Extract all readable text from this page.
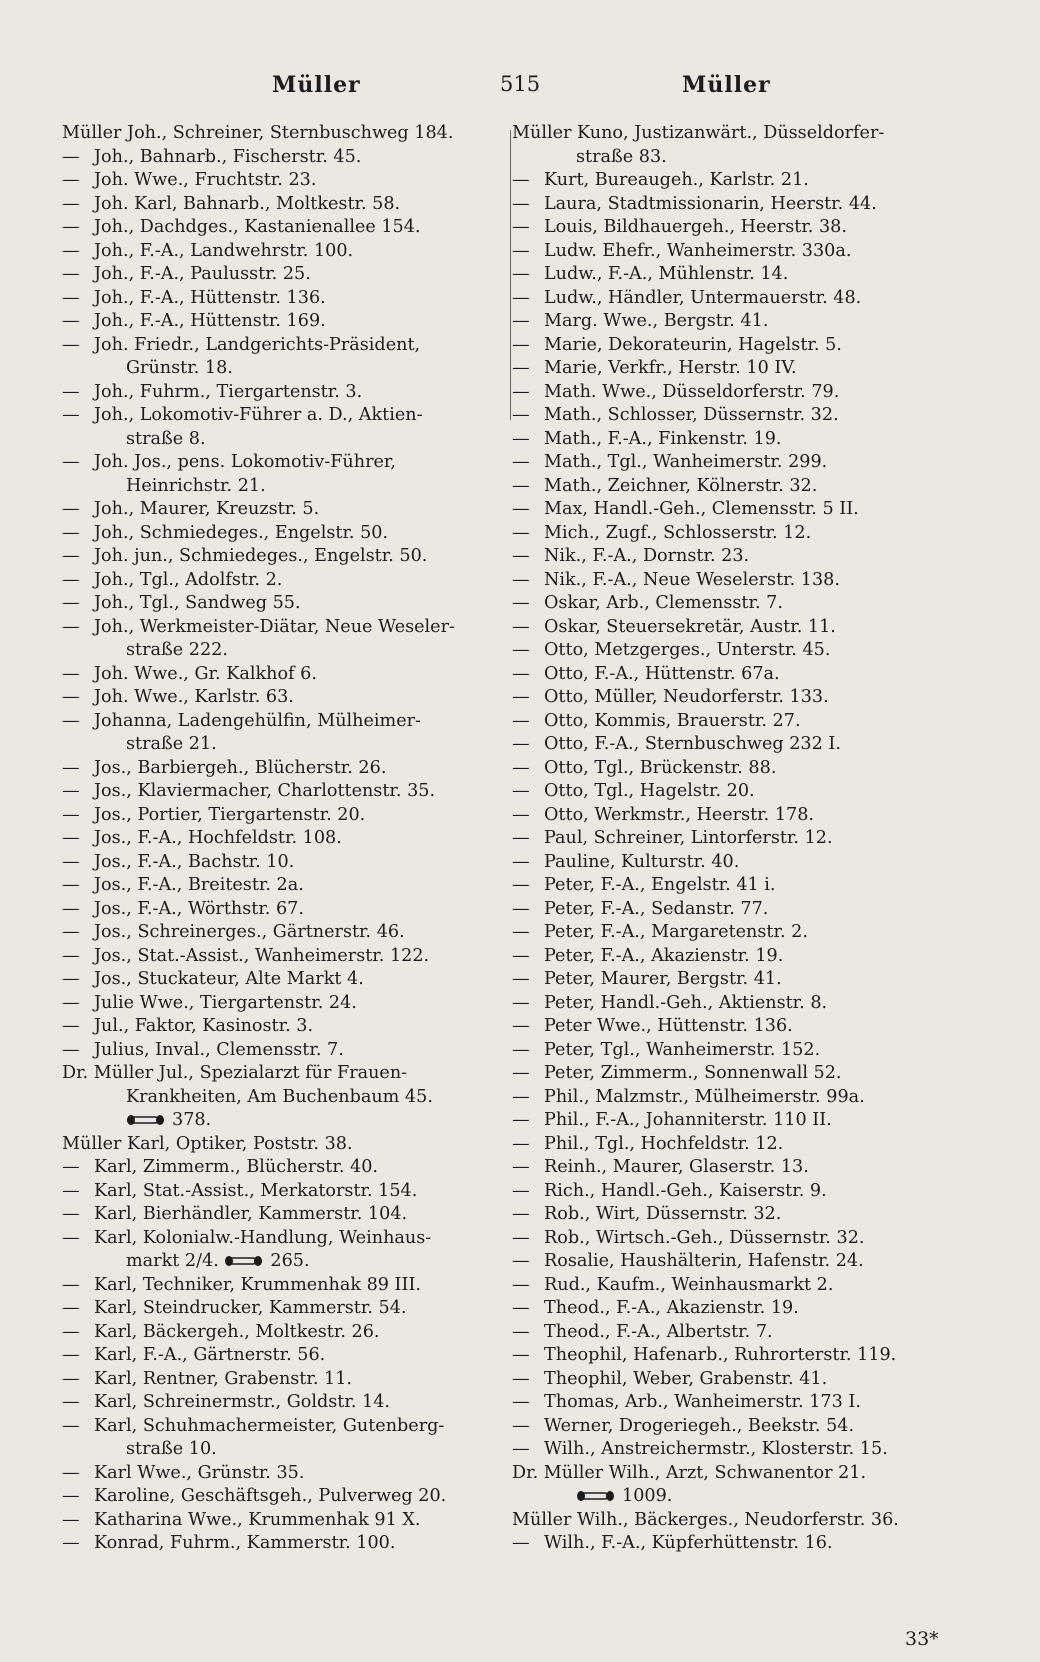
Müller	515	Müller
Müller Joh., Schreiner, Sternbuschweg 184.
— Joh., Bahnarb., Fischerstr. 45.
— Joh. Wwe., Fruchtstr. 23.
— Joh. Karl, Bahnarb., Moltkestr. 58.
— Joh., Dachdges., Kastanienallee 154.
— Joh., F.-A., Landwehrstr. 100.
— Joh., F.-A., Paulusstr. 25.
— Joh., F.-A., Hüttenstr. 136.
— Joh., F.-A., Hüttenstr. 169.
— Joh. Friedr., Landgerichts-Präsident,
Grünstr. 18.
— Joh., Fuhrm., Tiergartenstr. 3.
— Joh., Lokomotiv-Führer a. D., Aktien-
straße 8.
— Joh. Jos., pens. Lokomotiv-Führer,
Heinrichstr. 21.
— Joh., Maurer, Kreuzstr. 5.
— Joh., Schmiedeges., Engelstr. 50.
— Joh. jun., Schmiedeges., Engelstr. 50.
— Joh., Tgl., Adolfstr. 2.
— Joh., Tgl., Sandweg 55.
— Joh., Werkmeister-Diätar, Neue Weseler-
straße 222.
— Joh. Wwe., Gr. Kalkhof 6.
— Joh. Wwe., Karlstr. 63.
— Johanna, Ladengehülfin, Mülheimer-
straße 21.
— Jos., Barbiergeh., Blücherstr. 26.
— Jos., Klaviermacher, Charlottenstr. 35.
— Jos., Portier, Tiergartenstr. 20.
— Jos., F.-A., Hochfeldstr. 108.
— Jos., F.-A., Bachstr. 10.
— Jos., F.-A., Breitestr. 2a.
— Jos., F.-A., Wörthstr. 67.
— Jos., Schreinerges., Gärtnerstr. 46.
— Jos., Stat.-Assist., Wanheimerstr. 122.
— Jos., Stuckateur, Alte Markt 4.
— Julie Wwe., Tiergartenstr. 24.
— Jul., Faktor, Kasinostr. 3.
— Julius, Inval., Clemensstr. 7.
Dr. Müller Jul., Spezialarzt für Frauen-
Krankheiten, Am Buchenbaum 45.
378.
Müller Karl, Optiker, Poststr. 38.
— Karl, Zimmerm., Blücherstr. 40.
— Karl, Stat.-Assist., Merkatorstr. 154.
— Karl, Bierhändler, Kammerstr. 104.
— Karl, Kolonialw.-Handlung, Weinhaus-
markt 2/4.	265.
— Karl, Techniker, Krummenhak 89 III.
— Karl, Steindrucker, Kammerstr. 54.
— Karl, Bäckergeh., Moltkestr. 26.
— Karl, F.-A., Gärtnerstr. 56.
— Karl, Rentner, Grabenstr. 11.
— Karl, Schreinermstr., Goldstr. 14.
— Karl, Schuhmachermeister, Gutenberg-
straße 10.
— Karl Wwe., Grünstr. 35.
— Karoline, Geschäftsgeh., Pulverweg 20.
— Katharina Wwe., Krummenhak 91 X.
— Konrad, Fuhrm., Kammerstr. 100.
Müller Kuno, Justizanwärt., Düsseldorfer-
straße 83.
— Kurt, Bureaugeh., Karlstr. 21.
— Laura, Stadtmissionarin, Heerstr. 44.
— Louis, Bildhauergeh., Heerstr. 38.
— Ludw. Ehefr., Wanheimerstr. 330a.
— Ludw., F.-A., Mühlenstr. 14.
— Ludw., Händler, Untermauerstr. 48.
— Marg. Wwe., Bergstr. 41.
— Marie, Dekorateurin, Hagelstr. 5.
— Marie, Verkfr., Herstr. 10 IV.
— Math. Wwe., Düsseldorferstr. 79.
— Math., Schlosser, Düssernstr. 32.
— Math., F.-A., Finkenstr. 19.
— Math., Tgl., Wanheimerstr. 299.
— Math., Zeichner, Kölnerstr. 32.
— Max, Handl.-Geh., Clemensstr. 5 II.
— Mich., Zugf., Schlosserstr. 12.
— Nik., F.-A., Dornstr. 23.
— Nik., F.-A., Neue Weselerstr. 138.
— Oskar, Arb., Clemensstr. 7.
— Oskar, Steuersekretär, Austr. 11.
— Otto, Metzgerges., Unterstr. 45.
— Otto, F.-A., Hüttenstr. 67a.
— Otto, Müller, Neudorferstr. 133.
— Otto, Kommis, Brauerstr. 27.
— Otto, F.-A., Sternbuschweg 232 I.
— Otto, Tgl., Brückenstr. 88.
— Otto, Tgl., Hagelstr. 20.
— Otto, Werkmstr., Heerstr. 178.
— Paul, Schreiner, Lintorferstr. 12.
— Pauline, Kulturstr. 40.
— Peter, F.-A., Engelstr. 41 i.
— Peter, F.-A., Sedanstr. 77.
— Peter, F.-A., Margaretenstr. 2.
— Peter, F.-A., Akazienstr. 19.
— Peter, Maurer, Bergstr. 41.
— Peter, Handl.-Geh., Aktienstr. 8.
— Peter Wwe., Hüttenstr. 136.
— Peter, Tgl., Wanheimerstr. 152.
— Peter, Zimmerm., Sonnenwall 52.
— Phil., Malzmstr., Mülheimerstr. 99a.
— Phil., F.-A., Johanniterstr. 110 II.
— Phil., Tgl., Hochfeldstr. 12.
— Reinh., Maurer, Glaserstr. 13.
— Rich., Handl.-Geh., Kaiserstr. 9.
— Rob., Wirt, Düssernstr. 32.
— Rob., Wirtsch.-Geh., Düssernstr. 32.
— Rosalie, Haushälterin, Hafenstr. 24.
— Rud., Kaufm., Weinhausmarkt 2.
— Theod., F.-A., Akazienstr. 19.
— Theod., F.-A., Albertstr. 7.
— Theophil, Hafenarb., Ruhrorterstr. 119.
— Theophil, Weber, Grabenstr. 41.
— Thomas, Arb., Wanheimerstr. 173 I.
— Werner, Drogeriegeh., Beekstr. 54.
— Wilh., Anstreichermstr., Klosterstr. 15.
Dr. Müller Wilh., Arzt, Schwanentor 21.
1009.
Müller Wilh., Bäckerges., Neudorferstr. 36.
— Wilh., F.-A., Küpferhüttenstr. 16.
33*
